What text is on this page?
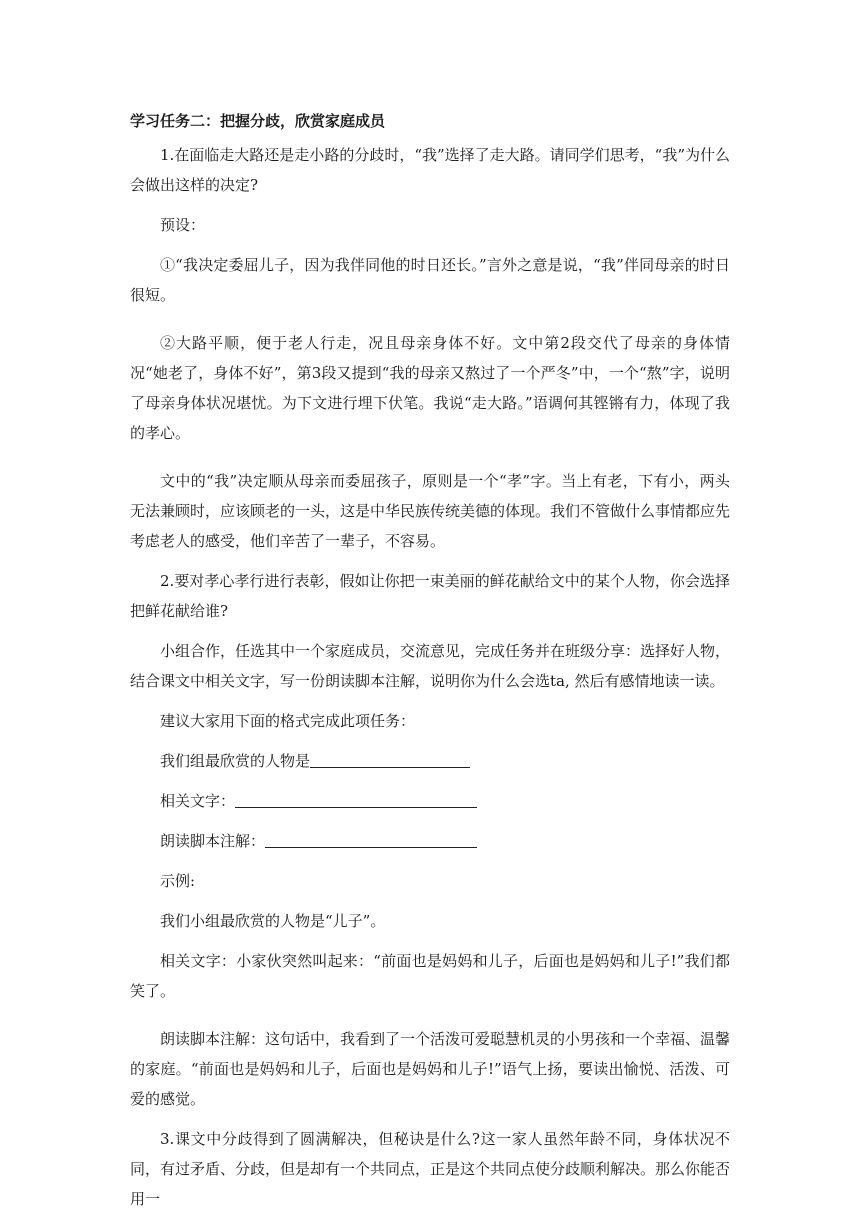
学习任务二：把握分歧，欣赏家庭成员

1.在面临走大路还是走小路的分歧时，“我”选择了走大路。请同学们思考，“我”为什么会做出这样的决定?

预设：

①“我决定委屈儿子，因为我伴同他的时日还长。”言外之意是说，“我”伴同母亲的时日很短。

②大路平顺，便于老人行走，况且母亲身体不好。文中第2段交代了母亲的身体情况“她老了，身体不好”，第3段又提到“我的母亲又熬过了一个严冬”中，一个“熬”字，说明了母亲身体状况堪忧。为下文进行埋下伏笔。我说“走大路。”语调何其铿锵有力，体现了我的孝心。

文中的“我”决定顺从母亲而委屈孩子，原则是一个“孝”字。当上有老，下有小，两头无法兼顾时，应该顾老的一头，这是中华民族传统美德的体现。我们不管做什么事情都应先考虑老人的感受，他们辛苦了一辈子，不容易。

2.要对孝心孝行进行表彰，假如让你把一束美丽的鲜花献给文中的某个人物，你会选择把鲜花献给谁?

小组合作，任选其中一个家庭成员，交流意见，完成任务并在班级分享：选择好人物，结合课文中相关文字，写一份朗读脚本注解，说明你为什么会选ta, 然后有感情地读一读。

建议大家用下面的格式完成此项任务：

我们组最欣赏的人物是

相关文字：

朗读脚本注解：

示例:

我们小组最欣赏的人物是“儿子”。

相关文字：小家伙突然叫起来：“前面也是妈妈和儿子，后面也是妈妈和儿子!”我们都笑了。

朗读脚本注解：这句话中，我看到了一个活泼可爱聪慧机灵的小男孩和一个幸福、温馨的家庭。“前面也是妈妈和儿子，后面也是妈妈和儿子!”语气上扬，要读出愉悦、活泼、可爱的感觉。

3.课文中分歧得到了圆满解决，但秘诀是什么?这一家人虽然年龄不同，身体状况不同，有过矛盾、分歧，但是却有一个共同点，正是这个共同点使分歧顺利解决。那么你能否用一
